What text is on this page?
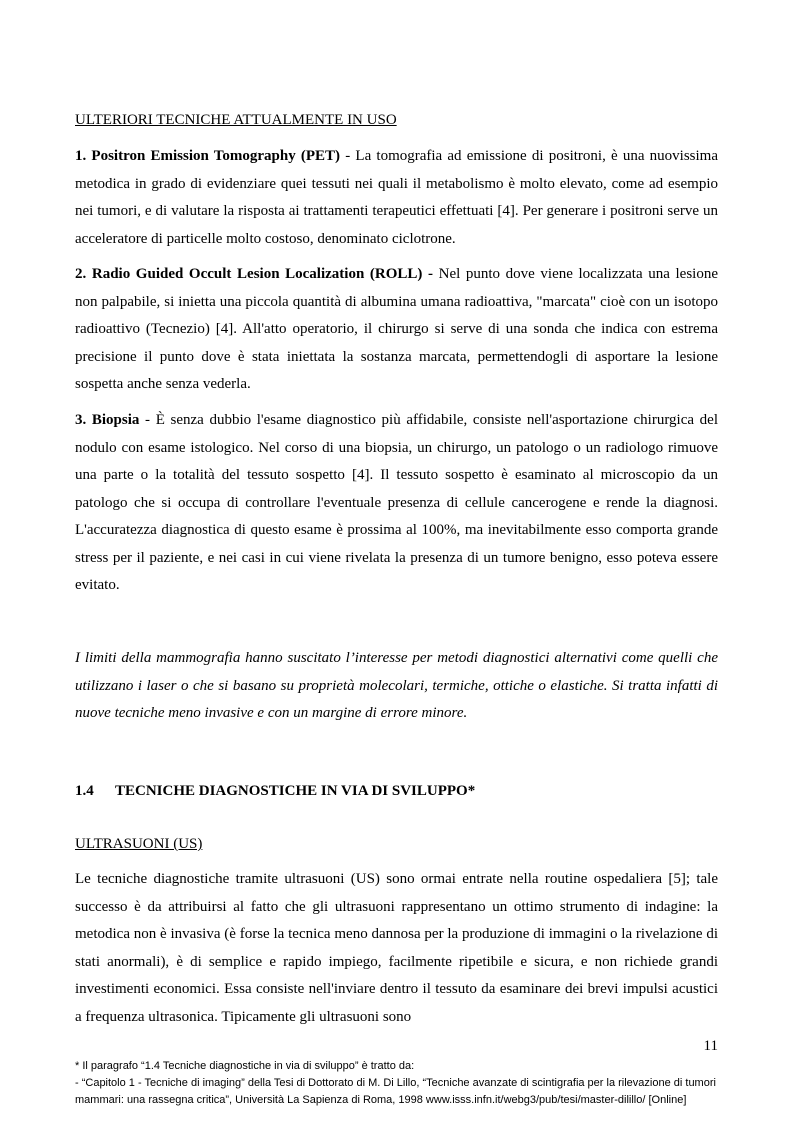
ULTERIORI TECNICHE ATTUALMENTE IN USO
1. Positron Emission Tomography (PET) - La tomografia ad emissione di positroni, è una nuovissima metodica in grado di evidenziare quei tessuti nei quali il metabolismo è molto elevato, come ad esempio nei tumori, e di valutare la risposta ai trattamenti terapeutici effettuati [4]. Per generare i positroni serve un acceleratore di particelle molto costoso, denominato ciclotrone.
2. Radio Guided Occult Lesion Localization (ROLL) - Nel punto dove viene localizzata una lesione non palpabile, si inietta una piccola quantità di albumina umana radioattiva, "marcata" cioè con un isotopo radioattivo (Tecnezio) [4]. All'atto operatorio, il chirurgo si serve di una sonda che indica con estrema precisione il punto dove è stata iniettata la sostanza marcata, permettendogli di asportare la lesione sospetta anche senza vederla.
3. Biopsia - È senza dubbio l'esame diagnostico più affidabile, consiste nell'asportazione chirurgica del nodulo con esame istologico. Nel corso di una biopsia, un chirurgo, un patologo o un radiologo rimuove una parte o la totalità del tessuto sospetto [4]. Il tessuto sospetto è esaminato al microscopio da un patologo che si occupa di controllare l'eventuale presenza di cellule cancerogene e rende la diagnosi. L'accuratezza diagnostica di questo esame è prossima al 100%, ma inevitabilmente esso comporta grande stress per il paziente, e nei casi in cui viene rivelata la presenza di un tumore benigno, esso poteva essere evitato.
I limiti della mammografia hanno suscitato l’interesse per metodi diagnostici alternativi come quelli che utilizzano i laser o che si basano su proprietà molecolari, termiche, ottiche o elastiche. Si tratta infatti di nuove tecniche meno invasive e con un margine di errore minore.
1.4 TECNICHE DIAGNOSTICHE IN VIA DI SVILUPPO*
ULTRASUONI (US)
Le tecniche diagnostiche tramite ultrasuoni (US) sono ormai entrate nella routine ospedaliera [5]; tale successo è da attribuirsi al fatto che gli ultrasuoni rappresentano un ottimo strumento di indagine: la metodica non è invasiva (è forse la tecnica meno dannosa per la produzione di immagini o la rivelazione di stati anormali), è di semplice e rapido impiego, facilmente ripetibile e sicura, e non richiede grandi investimenti economici. Essa consiste nell'inviare dentro il tessuto da esaminare dei brevi impulsi acustici a frequenza ultrasonica. Tipicamente gli ultrasuoni sono
11
* Il paragrafo “1.4 Tecniche diagnostiche in via di sviluppo” è tratto da:
- “Capitolo 1 - Tecniche di imaging” della Tesi di Dottorato di M. Di Lillo, “Tecniche avanzate di scintigrafia per la rilevazione di tumori mammari: una rassegna critica”, Università La Sapienza di Roma, 1998 www.isss.infn.it/webg3/pub/tesi/master-dilillo/ [Online]
